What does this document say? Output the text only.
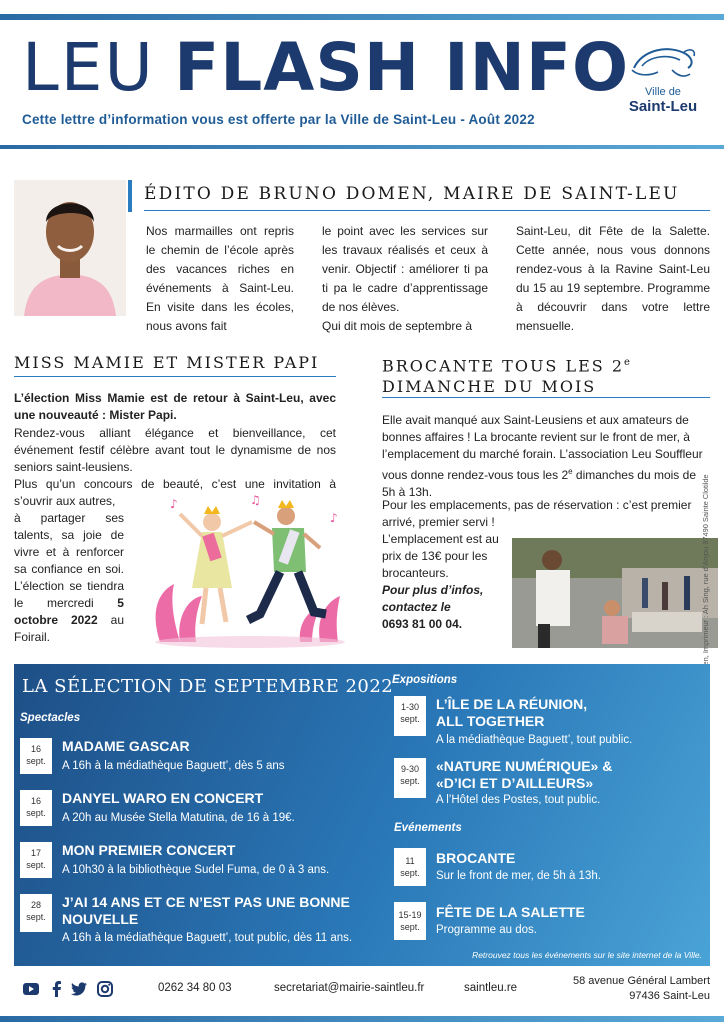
LEU FLASH INFO
Cette lettre d’information vous est offerte par la Ville de Saint-Leu - Août 2022
Ville de
Saint-Leu
ÉDITO DE BRUNO DOMEN, MAIRE DE SAINT-LEU
Nos marmailles ont repris le chemin de l’école après des vacances riches en événements à Saint-Leu. En visite dans les écoles, nous avons fait
le point avec les services sur les travaux réalisés et ceux à venir. Objectif : améliorer ti pa ti pa le cadre d’apprentissage de nos élèves.
Qui dit mois de septembre à
Saint-Leu, dit Fête de la Salette. Cette année, nous vous donnons rendez-vous à la Ravine Saint-Leu du 15 au 19 septembre. Programme à découvrir dans votre lettre mensuelle.
MISS MAMIE ET MISTER PAPI
L’élection Miss Mamie est de retour à Saint-Leu, avec une nouveauté : Mister Papi.
Rendez-vous alliant élégance et bienveillance, cet événement festif célèbre avant tout le dynamisme de nos seniors saint-leusiens.
Plus qu’un concours de beauté, c’est une invitation à s’ouvrir aux autres,
à partager ses talents, sa joie de vivre et à renforcer sa confiance en soi. L’élection se tiendra le mercredi 5 octobre 2022 au Foirail.
♪	♫
♪
BROCANTE TOUS LES 2e
DIMANCHE DU MOIS
Elle avait manqué aux Saint-Leusiens et aux amateurs de bonnes affaires ! La brocante revient sur le front de mer, à l’emplacement du marché forain. L’association Leu Souffleur vous donne rendez-vous tous les 2e dimanches du mois de 5h à 13h.
Pour les emplacements, pas de réservation : c’est premier arrivé, premier servi !
L’emplacement est au prix de 13€ pour les brocanteurs.
Pour plus d’infos, contactez le
0693 81 00 04.
LA SÉLECTION DE SEPTEMBRE 2022
Spectacles
16
sept.
MADAME GASCAR
A 16h à la médiathèque Baguett’, dès 5 ans
16
sept.
DANYEL WARO EN CONCERT
A 20h au Musée Stella Matutina, de 16 à 19€.
17
sept.
MON PREMIER CONCERT
A 10h30 à la bibliothèque Sudel Fuma, de 0 à 3 ans.
28
sept.
J’AI 14 ANS ET CE N’EST PAS UNE BONNE
NOUVELLE
A 16h à la médiathèque Baguett’, tout public, dès 11 ans.
Expositions
1-30
sept.
L’ÎLE DE LA RÉUNION,
ALL TOGETHER
A la médiathèque Baguett’, tout public.
9-30
sept.
«NATURE NUMÉRIQUE» &
«D’ICI ET D’AILLEURS»
A l’Hôtel des Postes, tout public.
Evénements
11
sept.
BROCANTE
Sur le front de mer, de 5h à 13h.
15-19
sept.
FÊTE DE LA SALETTE
Programme au dos.
Retrouvez tous les événements sur le site internet de la Ville.
0262 34 80 03	secretariat@mairie-saintleu.fr	saintleu.re
58 avenue Général Lambert
97436 Saint-Leu
